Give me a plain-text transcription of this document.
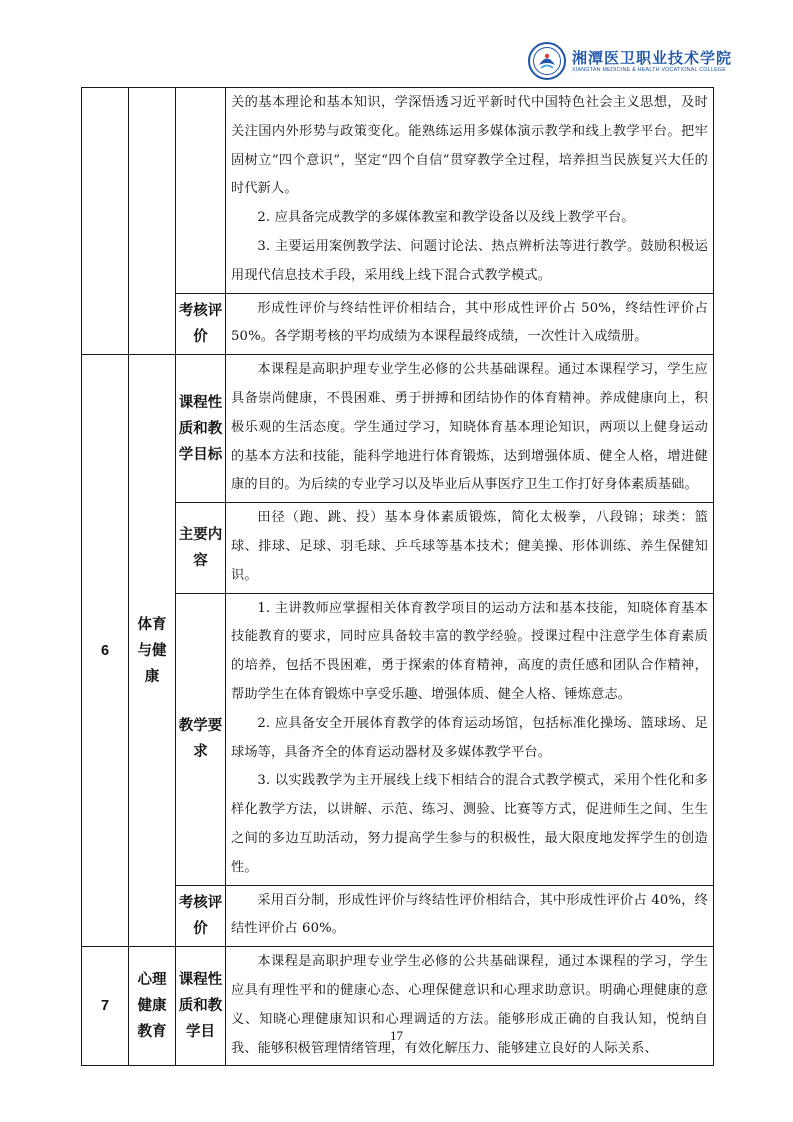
湘潭医卫职业技术学院
XIANGTAN MEDICINE & HEALTH VOCATIONAL COLLEGE

			关的基本理论和基本知识，学深悟透习近平新时代中国特色社会主义思想，及时关注国内外形势与政策变化。能熟练运用多媒体演示教学和线上教学平台。把牢固树立“四个意识”，坚定“四个自信”贯穿教学全过程，培养担当民族复兴大任的时代新人。

2. 应具备完成教学的多媒体教室和教学设备以及线上教学平台。

3. 主要运用案例教学法、问题讨论法、热点辨析法等进行教学。鼓励积极运用现代信息技术手段，采用线上线下混合式教学模式。

		考核评价	形成性评价与终结性评价相结合，其中形成性评价占 50%，终结性评价占 50%。各学期考核的平均成绩为本课程最终成绩，一次性计入成绩册。

6	体育与健康	课程性质和教学目标	本课程是高职护理专业学生必修的公共基础课程。通过本课程学习，学生应具备崇尚健康，不畏困难、勇于拼搏和团结协作的体育精神。养成健康向上，积极乐观的生活态度。学生通过学习，知晓体育基本理论知识，两项以上健身运动的基本方法和技能，能科学地进行体育锻炼，达到增强体质、健全人格，增进健康的目的。为后续的专业学习以及毕业后从事医疗卫生工作打好身体素质基础。

		主要内容	田径（跑、跳、投）基本身体素质锻炼，简化太极拳，八段锦；球类：篮球、排球、足球、羽毛球、乒乓球等基本技术；健美操、形体训练、养生保健知识。

		教学要求	1. 主讲教师应掌握相关体育教学项目的运动方法和基本技能，知晓体育基本技能教育的要求，同时应具备较丰富的教学经验。授课过程中注意学生体育素质的培养，包括不畏困难，勇于探索的体育精神，高度的责任感和团队合作精神，帮助学生在体育锻炼中享受乐趣、增强体质、健全人格、锤炼意志。

2. 应具备安全开展体育教学的体育运动场馆，包括标准化操场、篮球场、足球场等，具备齐全的体育运动器材及多媒体教学平台。

3. 以实践教学为主开展线上线下相结合的混合式教学模式，采用个性化和多样化教学方法，以讲解、示范、练习、测验、比赛等方式，促进师生之间、生生之间的多边互助活动，努力提高学生参与的积极性，最大限度地发挥学生的创造性。

		考核评价	采用百分制，形成性评价与终结性评价相结合，其中形成性评价占 40%，终结性评价占 60%。

7	心理健康教育	课程性质和教学目	本课程是高职护理专业学生必修的公共基础课程，通过本课程的学习，学生应具有理性平和的健康心态、心理保健意识和心理求助意识。明确心理健康的意义、知晓心理健康知识和心理调适的方法。能够形成正确的自我认知，悦纳自我、能够积极管理情绪管理，有效化解压力、能够建立良好的人际关系、

17
